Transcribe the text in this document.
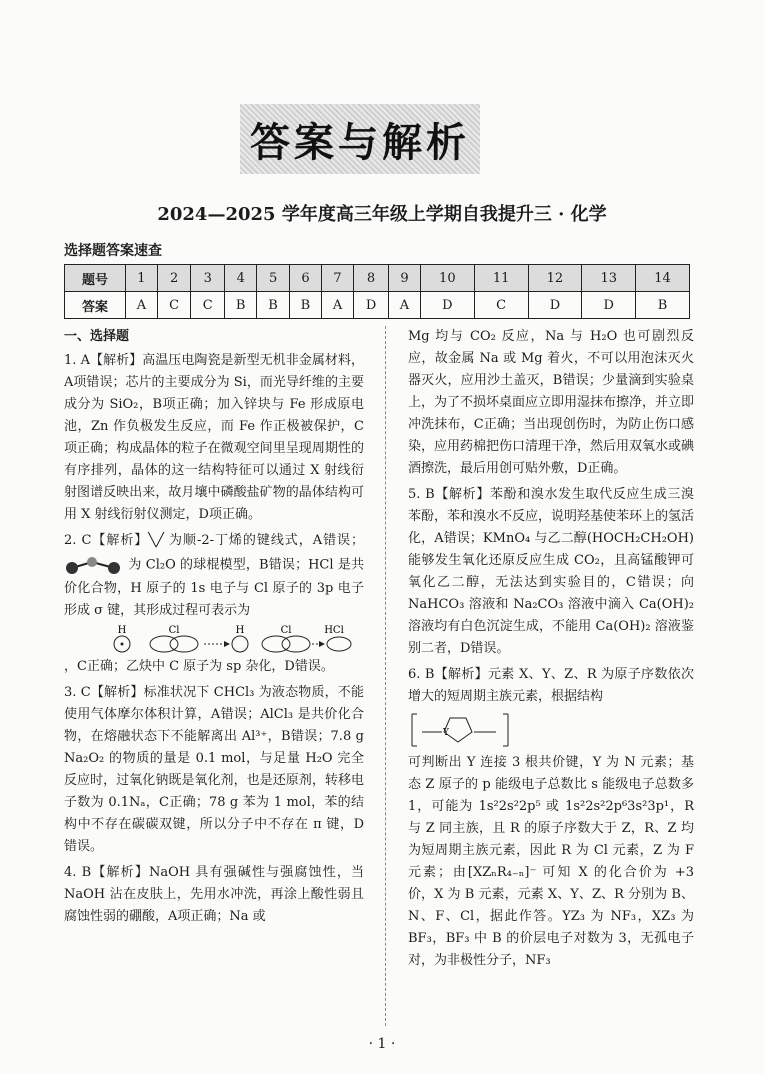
答案与解析
2024—2025 学年度高三年级上学期自我提升三 · 化学
选择题答案速查
题号	1	2	3	4	5	6	7	8	9	10	11	12	13	14
答案	A	C	C	B	B	B	A	D	A	D	C	D	D	B

一、选择题

1. A【解析】高温压电陶瓷是新型无机非金属材料，A项错误；芯片的主要成分为 Si，而光导纤维的主要成分为 SiO₂，B项正确；加入锌块与 Fe 形成原电池，Zn 作负极发生反应，而 Fe 作正极被保护，C项正确；构成晶体的粒子在微观空间里呈现周期性的有序排列，晶体的这一结构特征可以通过 X 射线衍射图谱反映出来，故月壤中磷酸盐矿物的晶体结构可用 X 射线衍射仪测定，D项正确。

2. C【解析】╲╱ 为顺-2-丁烯的键线式，A错误；  为 Cl₂O 的球棍模型，B错误；HCl 是共价化合物，H 原子的 1s 电子与 Cl 原子的 3p 电子形成 σ 键，其形成过程可表示为
H	Cl	H	Cl	HCl
，C正确；乙炔中 C 原子为 sp 杂化，D错误。

3. C【解析】标准状况下 CHCl₃ 为液态物质，不能使用气体摩尔体积计算，A错误；AlCl₃ 是共价化合物，在熔融状态下不能解离出 Al³⁺，B错误；7.8 g Na₂O₂ 的物质的量是 0.1 mol，与足量 H₂O 完全反应时，过氧化钠既是氧化剂，也是还原剂，转移电子数为 0.1Nₐ，C正确；78 g 苯为 1 mol，苯的结构中不存在碳碳双键，所以分子中不存在 π 键，D错误。

4. B【解析】NaOH 具有强碱性与强腐蚀性，当 NaOH 沾在皮肤上，先用水冲洗，再涂上酸性弱且腐蚀性弱的硼酸，A项正确；Na 或

Mg 均与 CO₂ 反应，Na 与 H₂O 也可剧烈反应，故金属 Na 或 Mg 着火，不可以用泡沫灭火器灭火，应用沙土盖灭，B错误；少量滴到实验桌上，为了不损坏桌面应立即用湿抹布擦净，并立即冲洗抹布，C正确；当出现创伤时，为防止伤口感染，应用药棉把伤口清理干净，然后用双氧水或碘酒擦洗，最后用创可贴外敷，D正确。

5. B【解析】苯酚和溴水发生取代反应生成三溴苯酚，苯和溴水不反应，说明羟基使苯环上的氢活化，A错误；KMnO₄ 与乙二醇(HOCH₂CH₂OH)能够发生氧化还原反应生成 CO₂，且高锰酸钾可氧化乙二醇，无法达到实验目的，C错误；向 NaHCO₃ 溶液和 Na₂CO₃ 溶液中滴入 Ca(OH)₂ 溶液均有白色沉淀生成，不能用 Ca(OH)₂ 溶液鉴别二者，D错误。

6. B【解析】元素 X、Y、Z、R 为原子序数依次增大的短周期主族元素，根据结构
Y
可判断出 Y 连接 3 根共价键，Y 为 N 元素；基态 Z 原子的 p 能级电子总数比 s 能级电子总数多 1，可能为 1s²2s²2p⁵ 或 1s²2s²2p⁶3s²3p¹，R 与 Z 同主族，且 R 的原子序数大于 Z，R、Z 均为短周期主族元素，因此 R 为 Cl 元素，Z 为 F 元素；由[XZₙR₄₋ₙ]⁻ 可知 X 的化合价为 +3 价，X 为 B 元素，元素 X、Y、Z、R 分别为 B、N、F、Cl，据此作答。YZ₃ 为 NF₃，XZ₃ 为 BF₃，BF₃ 中 B 的价层电子对数为 3，无孤电子对，为非极性分子，NF₃

· 1 ·
